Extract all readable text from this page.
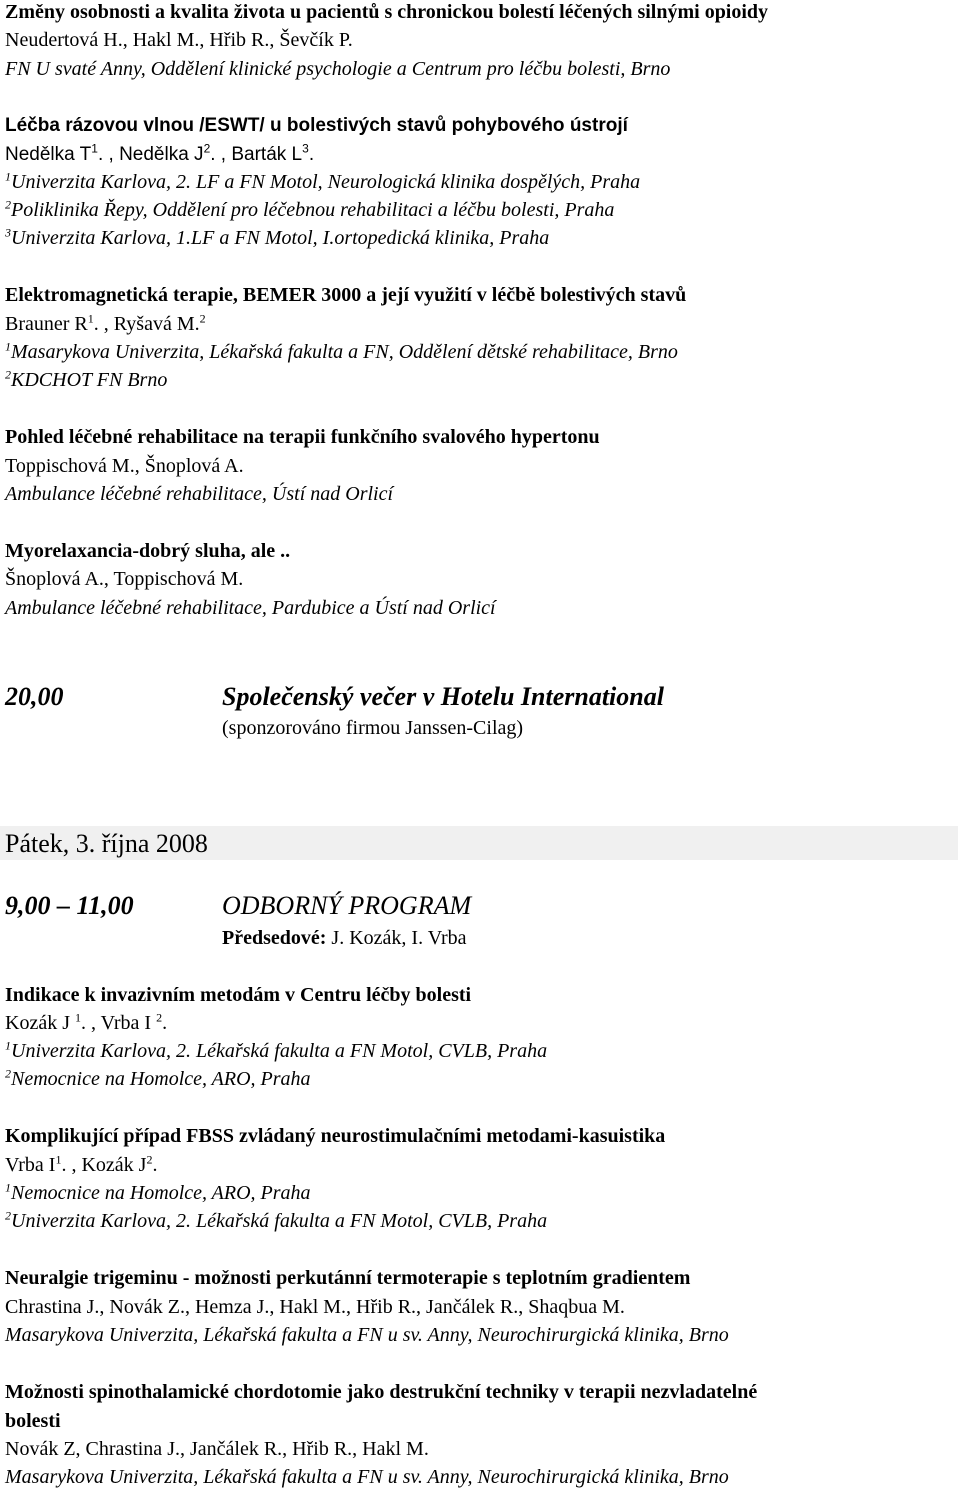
Změny osobnosti a kvalita života u pacientů s chronickou bolestí léčených silnými opioidy
Neudertová H., Hakl M., Hřib R., Ševčík P.
FN U svaté Anny, Oddělení klinické psychologie a Centrum pro léčbu bolesti, Brno
Léčba rázovou vlnou /ESWT/ u bolestivých stavů pohybového ústrojí
Nedělka $T^1$. , Nedělka $J^2$. , Barták $L^3$.
$^1$Univerzita Karlova, 2. LF a FN Motol, Neurologická klinika dospělých, Praha
$^2$Poliklinika Řepy, Oddělení pro léčebnou rehabilitaci a léčbu bolesti, Praha
$^3$Univerzita Karlova, 1.LF a FN Motol, I.ortopedická klinika, Praha
Elektromagnetická terapie, BEMER 3000 a její využití v léčbě bolestivých stavů
Brauner $R^1$. , Ryšavá M.$^2$
$^1$Masarykova Univerzita, Lékařská fakulta a FN, Oddělení dětské rehabilitace, Brno
$^2$KDCHOT FN Brno
Pohled léčebné rehabilitace na terapii funkčního svalového hypertonu
Toppischová M., Šnoplová A.
Ambulance léčebné rehabilitace, Ústí nad Orlicí
Myorelaxancia-dobrý sluha, ale ..
Šnoplová A., Toppischová M.
Ambulance léčebné rehabilitace, Pardubice a Ústí nad Orlicí
20,00	Společenský večer v Hotelu International
(sponzorováno firmou Janssen-Cilag)
Pátek, 3. října 2008
9,00 – 11,00	ODBORNÝ PROGRAM
Předsedové: J. Kozák, I. Vrba
Indikace k invazivním metodám v Centru léčby bolesti
Kozák J $^1$. , Vrba I $^2$.
$^1$Univerzita Karlova, 2. Lékařská fakulta a FN Motol, CVLB, Praha
$^2$Nemocnice na Homolce, ARO, Praha
Komplikující případ FBSS zvládaný neurostimulačními metodami-kasuistika
Vrba $I^1$. , Kozák $J^2$.
$^1$Nemocnice na Homolce, ARO, Praha
$^2$Univerzita Karlova, 2. Lékařská fakulta a FN Motol, CVLB, Praha
Neuralgie trigeminu - možnosti perkutánní termoterapie s teplotním gradientem
Chrastina J., Novák Z., Hemza J., Hakl M., Hřib R., Jančálek R., Shaqbua M.
Masarykova Univerzita, Lékařská fakulta a FN u sv. Anny, Neurochirurgická klinika, Brno
Možnosti spinothalamické chordotomie jako destrukční techniky v terapii nezvladatelné
bolesti
Novák Z, Chrastina J., Jančálek R., Hřib R., Hakl M.
Masarykova Univerzita, Lékařská fakulta a FN u sv. Anny, Neurochirurgická klinika, Brno
